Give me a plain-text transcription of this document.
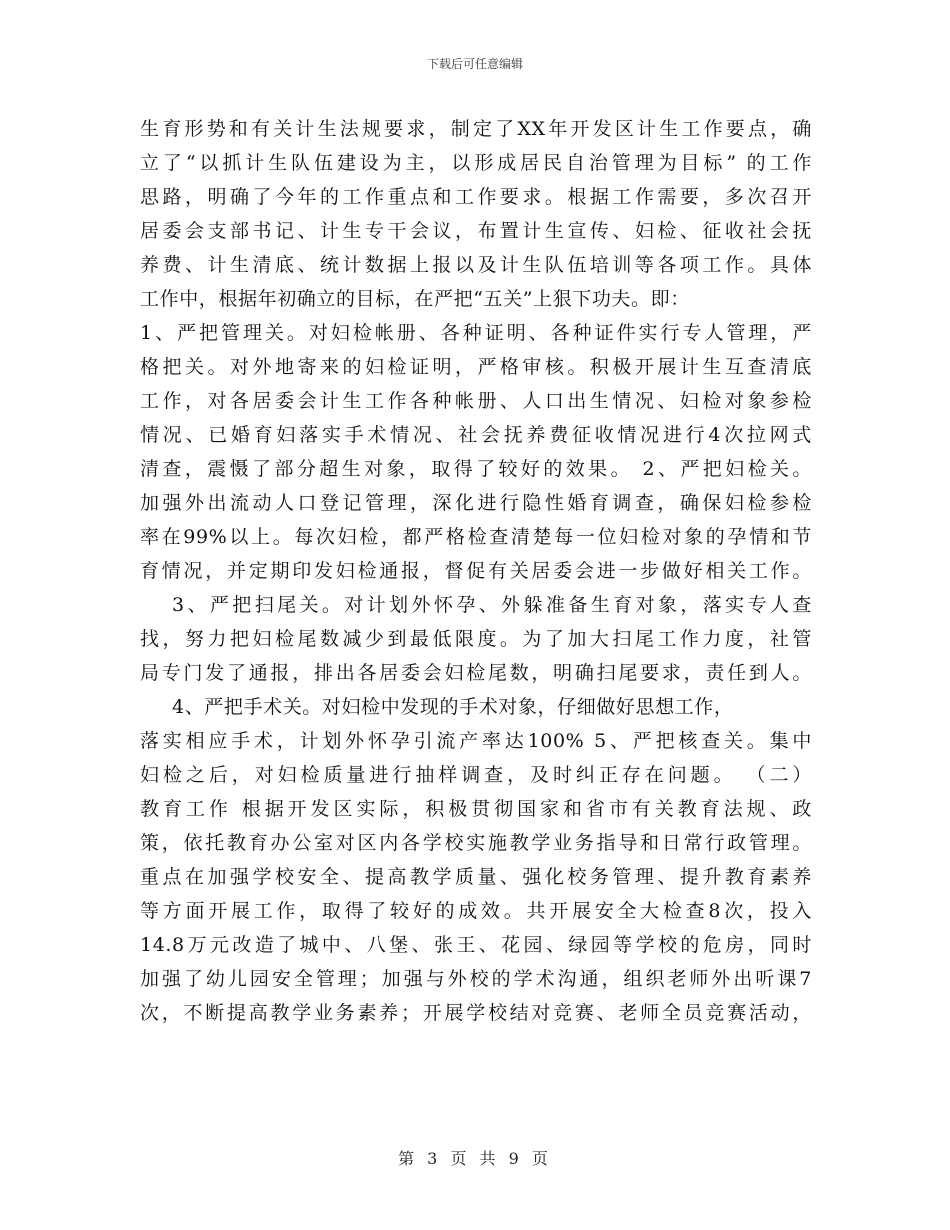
下载后可任意编辑
生育形势和有关计生法规要求，制定了XX年开发区计生工作要点，确
立了“以抓计生队伍建设为主，以形成居民自治管理为目标” 的工作
思路，明确了今年的工作重点和工作要求。根据工作需要，多次召开
居委会支部书记、计生专干会议，布置计生宣传、妇检、征收社会抚
养费、计生清底、统计数据上报以及计生队伍培训等各项工作。具体
工作中，根据年初确立的目标，在严把“五关”上狠下功夫。即：
1、严把管理关。对妇检帐册、各种证明、各种证件实行专人管理，严
格把关。对外地寄来的妇检证明，严格审核。积极开展计生互查清底
工作，对各居委会计生工作各种帐册、人口出生情况、妇检对象参检
情况、已婚育妇落实手术情况、社会抚养费征收情况进行4次拉网式
清查，震慑了部分超生对象，取得了较好的效果。 2、严把妇检关。
加强外出流动人口登记管理，深化进行隐性婚育调查，确保妇检参检
率在99%以上。每次妇检，都严格检查清楚每一位妇检对象的孕情和节
育情况，并定期印发妇检通报，督促有关居委会进一步做好相关工作。
3、严把扫尾关。对计划外怀孕、外躲准备生育对象，落实专人查
找，努力把妇检尾数减少到最低限度。为了加大扫尾工作力度，社管
局专门发了通报，排出各居委会妇检尾数，明确扫尾要求，责任到人。
4、严把手术关。对妇检中发现的手术对象，仔细做好思想工作，
落实相应手术，计划外怀孕引流产率达100% 5、严把核查关。集中
妇检之后，对妇检质量进行抽样调查，及时纠正存在问题。 （二）
教育工作 根据开发区实际，积极贯彻国家和省市有关教育法规、政
策，依托教育办公室对区内各学校实施教学业务指导和日常行政管理。
重点在加强学校安全、提高教学质量、强化校务管理、提升教育素养
等方面开展工作，取得了较好的成效。共开展安全大检查8次，投入
14.8万元改造了城中、八堡、张王、花园、绿园等学校的危房，同时
加强了幼儿园安全管理；加强与外校的学术沟通，组织老师外出听课7
次，不断提高教学业务素养；开展学校结对竞赛、老师全员竞赛活动，
第 3 页 共 9 页
